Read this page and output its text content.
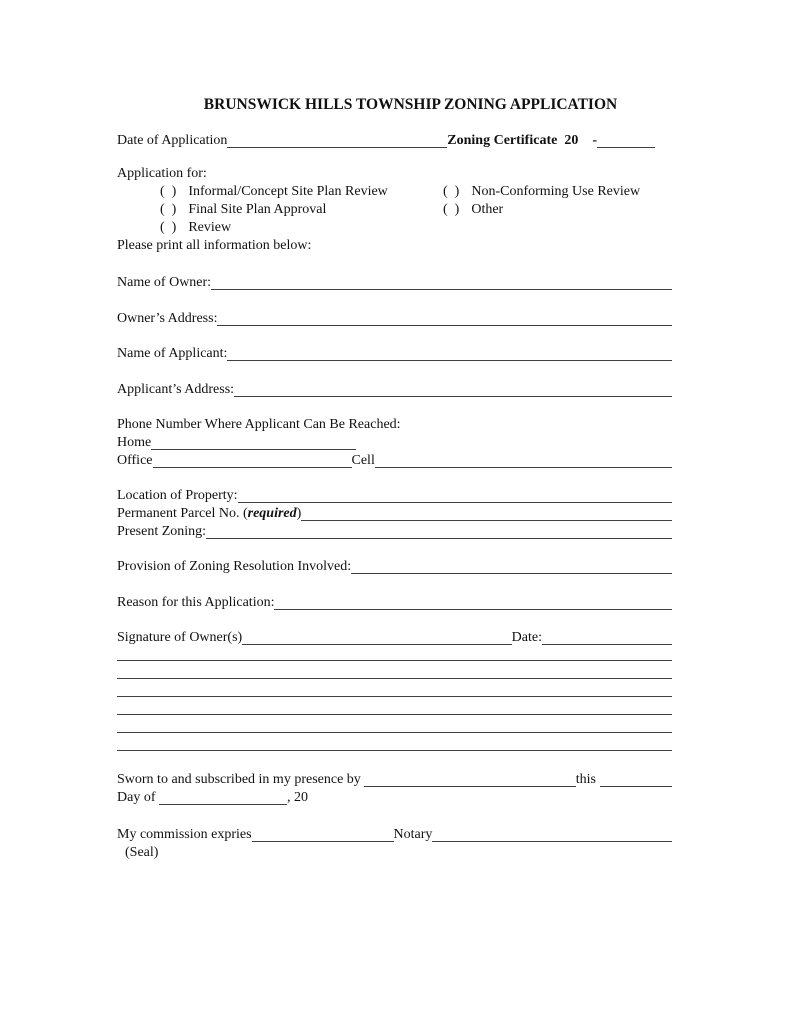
BRUNSWICK HILLS TOWNSHIP ZONING APPLICATION
Date of Application	Zoning Certificate  20    -
Application for:
(  ) Informal/Concept Site Plan Review	(  ) Non-Conforming Use Review
(  ) Final Site Plan Approval	(  ) Other
(  ) Review
Please print all information below:
Name of Owner:
Owner’s Address:
Name of Applicant:
Applicant’s Address:
Phone Number Where Applicant Can Be Reached:
Home
Office	Cell
Location of Property:
Permanent Parcel No. ( required )
Present Zoning:
Provision of Zoning Resolution Involved:
Reason for this Application:
Signature of Owner(s)	Date:
Sworn to and subscribed in my presence by	this
Day of	, 20
My commission expries	Notary
(Seal)
